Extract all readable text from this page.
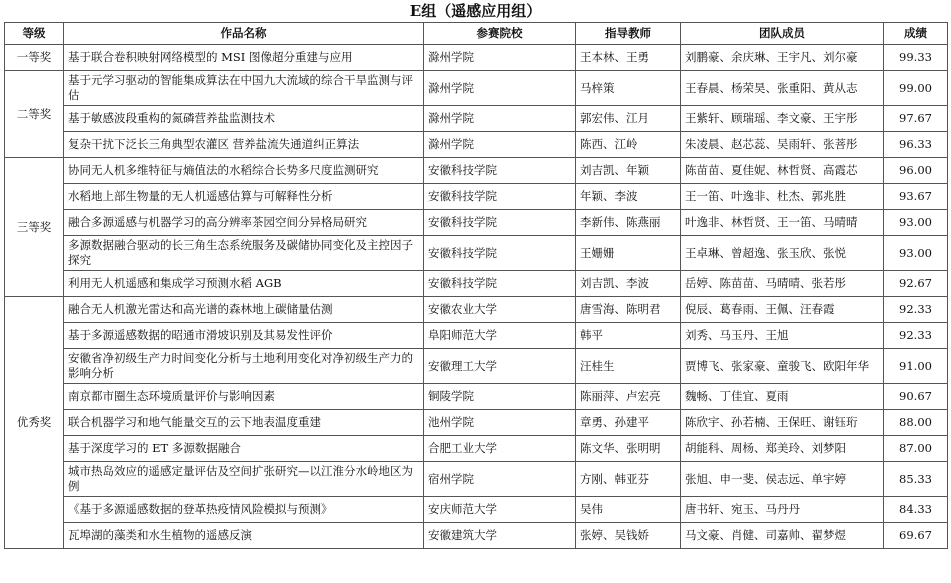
E组（遥感应用组）
等级	作品名称	参赛院校	指导教师	团队成员	成绩
一等奖	基于联合卷积映射网络模型的 MSI 图像超分重建与应用	滁州学院	王本林、王勇	刘鹏豪、余庆琳、王宇凡、刘尔豪	99.33
二等奖	基于元学习驱动的智能集成算法在中国九大流域的综合干旱监测与评估	滁州学院	马梓策	王春晨、杨荣昊、张重阳、黄从志	99.00
	基于敏感波段重构的氮磷营养盐监测技术	滁州学院	郭宏伟、江月	王紫轩、顾瑞瑶、李文豪、王宇彤	97.67
	复杂干扰下泛长三角典型农灌区 营养盐流失通道纠正算法	滁州学院	陈西、江岭	朱凌晨、赵芯蕊、吴雨轩、张菩彤	96.33
三等奖	协同无人机多维特征与熵值法的水稻综合长势多尺度监测研究	安徽科技学院	刘吉凯、年颖	陈苗苗、夏佳妮、林哲贤、高霞芯	96.00
	水稻地上部生物量的无人机遥感估算与可解释性分析	安徽科技学院	年颖、李波	王一笛、叶逸非、杜杰、郭兆胜	93.67
	融合多源遥感与机器学习的高分辨率茶园空间分异格局研究	安徽科技学院	李新伟、陈燕丽	叶逸非、林哲贤、王一笛、马晴晴	93.00
	多源数据融合驱动的长三角生态系统服务及碳储协同变化及主控因子探究	安徽科技学院	王姗姗	王卓琳、曾超逸、张玉欣、张悦	93.00
	利用无人机遥感和集成学习预测水稻 AGB	安徽科技学院	刘吉凯、李波	岳婷、陈苗苗、马晴晴、张若彤	92.67
优秀奖	融合无人机激光雷达和高光谱的森林地上碳储量估测	安徽农业大学	唐雪海、陈明君	倪辰、葛春雨、王佩、汪春霞	92.33
	基于多源遥感数据的昭通市滑坡识别及其易发性评价	阜阳师范大学	韩平	刘秀、马玉丹、王旭	92.33
	安徽省净初级生产力时间变化分析与土地利用变化对净初级生产力的影响分析	安徽理工大学	汪桂生	贾博飞、张家豪、童骏飞、欧阳年华	91.00
	南京都市圈生态环境质量评价与影响因素	铜陵学院	陈丽萍、卢宏亮	魏畅、丁佳宜、夏雨	90.67
	联合机器学习和地气能量交互的云下地表温度重建	池州学院	章勇、孙建平	陈欣宇、孙若楠、王保旺、谢钰珩	88.00
	基于深度学习的 ET 多源数据融合	合肥工业大学	陈文华、张明明	胡能科、周杨、郑美玲、刘梦阳	87.00
	城市热岛效应的遥感定量评估及空间扩张研究—以江淮分水岭地区为例	宿州学院	方刚、韩亚芬	张旭、申一斐、侯志远、单宇婷	85.33
	《基于多源遥感数据的登革热疫情风险模拟与预测》	安庆师范大学	吴伟	唐书轩、宛玉、马丹丹	84.33
	瓦埠湖的藻类和水生植物的遥感反演	安徽建筑大学	张婷、吴钱娇	马文豪、肖健、司嘉帅、翟梦煜	69.67
